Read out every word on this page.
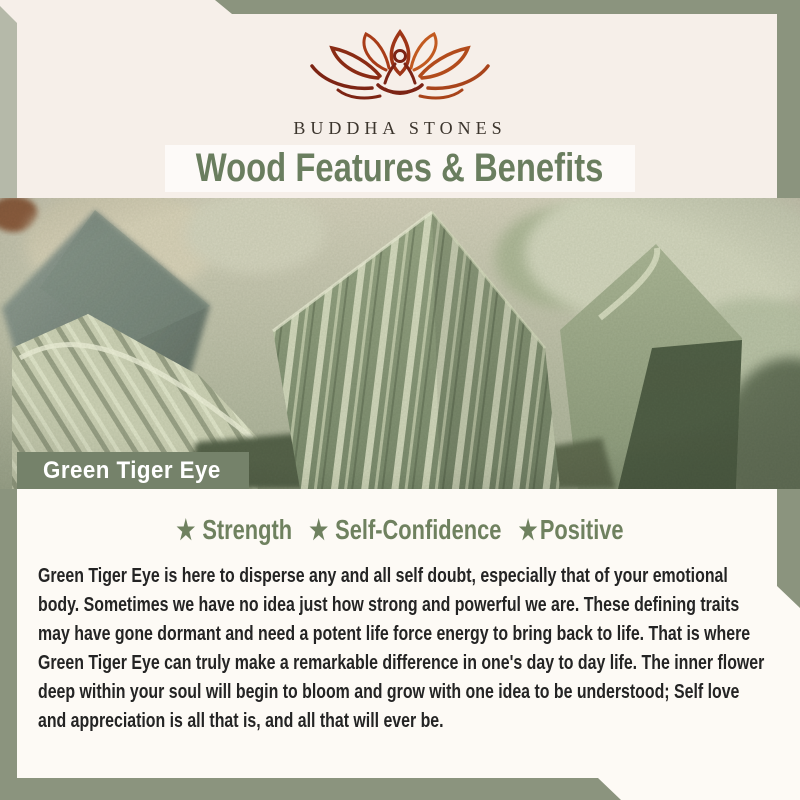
BUDDHA STONES
Wood Features & Benefits
Green Tiger Eye
★ Strength ★ Self-Confidence ★ Positive

Green Tiger Eye is here to disperse any and all self doubt, especially that of your emotional body. Sometimes we have no idea just how strong and powerful we are. These defining traits may have gone dormant and need a potent life force energy to bring back to life. That is where Green Tiger Eye can truly make a remarkable difference in one's day to day life. The inner flower deep within your soul will begin to bloom and grow with one idea to be understood; Self love and appreciation is all that is, and all that will ever be.
